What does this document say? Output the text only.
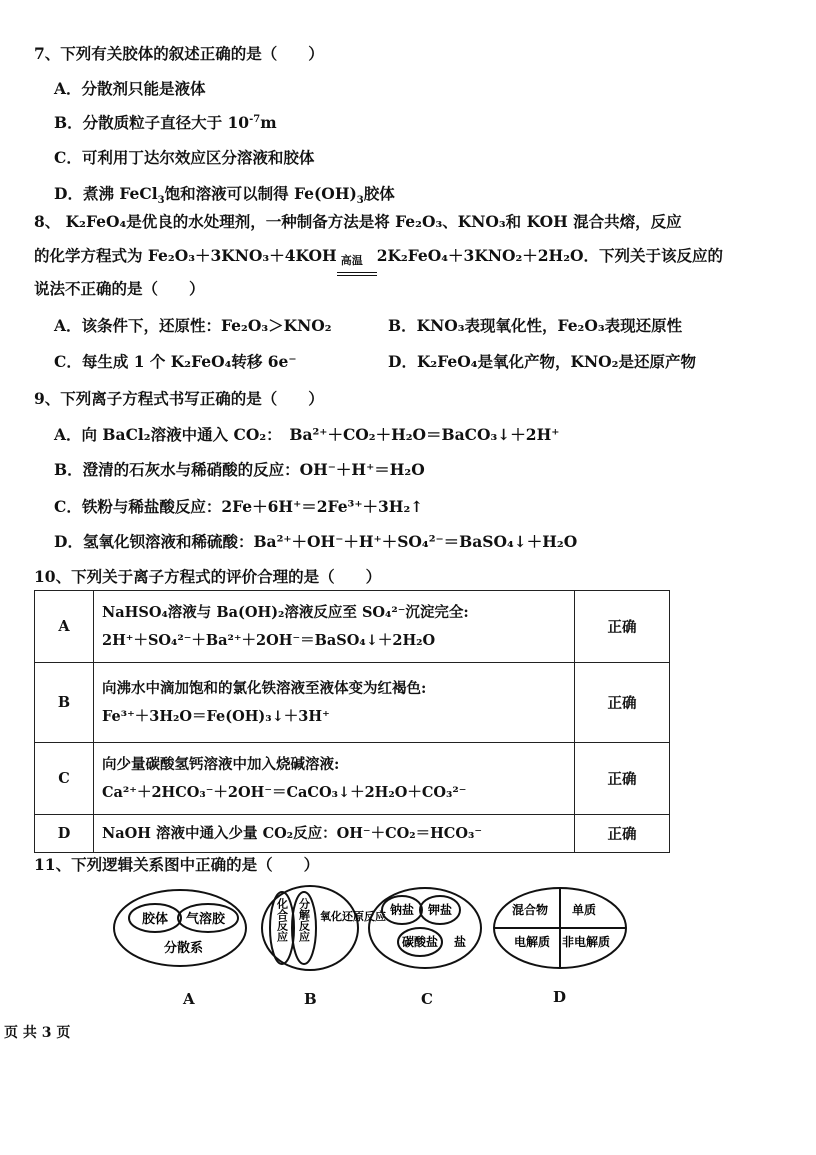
7、下列有关胶体的叙述正确的是（　　）
A．分散剂只能是液体
B．分散质粒子直径大于 $10^{-7}m$
C．可利用丁达尔效应区分溶液和胶体
D．煮沸 FeCl$_3$饱和溶液可以制得 $Fe(OH)_3$胶体
8、 K₂FeO₄是优良的水处理剂，一种制备方法是将 Fe₂O₃、KNO₃和 KOH 混合共熔，反应
的化学方程式为 Fe₂O₃＋3KNO₃＋4KOH 高温 2K₂FeO₄＋3KNO₂＋2H₂O．下列关于该反应的
说法不正确的是（　　）
A．该条件下，还原性：Fe₂O₃＞KNO₂	B．KNO₃表现氧化性，Fe₂O₃表现还原性
C．每生成 1 个 K₂FeO₄转移 6e⁻	D．K₂FeO₄是氧化产物，KNO₂是还原产物
9、下列离子方程式书写正确的是（　　）
A．向 BaCl₂溶液中通入 CO₂：　Ba²⁺＋CO₂＋H₂O＝BaCO₃↓＋2H⁺
B．澄清的石灰水与稀硝酸的反应：OH⁻＋H⁺＝H₂O
C．铁粉与稀盐酸反应：2Fe＋6H⁺＝2Fe³⁺＋3H₂↑
D．氢氧化钡溶液和稀硫酸：Ba²⁺＋OH⁻＋H⁺＋SO₄²⁻＝BaSO₄↓＋H₂O
10、下列关于离子方程式的评价合理的是（　　）
A	NaHSO₄溶液与 Ba(OH)₂溶液反应至 SO₄²⁻沉淀完全:
2H⁺＋SO₄²⁻＋Ba²⁺＋2OH⁻＝BaSO₄↓＋2H₂O	正确
B	向沸水中滴加饱和的氯化铁溶液至液体变为红褐色:
Fe³⁺＋3H₂O＝Fe(OH)₃↓＋3H⁺	正确
C	向少量碳酸氢钙溶液中加入烧碱溶液:
Ca²⁺＋2HCO₃⁻＋2OH⁻＝CaCO₃↓＋2H₂O＋CO₃²⁻	正确
D	NaOH 溶液中通入少量 CO₂反应：OH⁻＋CO₂＝HCO₃⁻	正确
11、下列逻辑关系图中正确的是（　　）
胶体 气溶胶
分散系
化合反应 分解反应 氧化还原反应 钠盐 钾盐
碳酸盐 盐
混合物 单质
电解质 非电解质
A	B	C	D
页 共 3 页
